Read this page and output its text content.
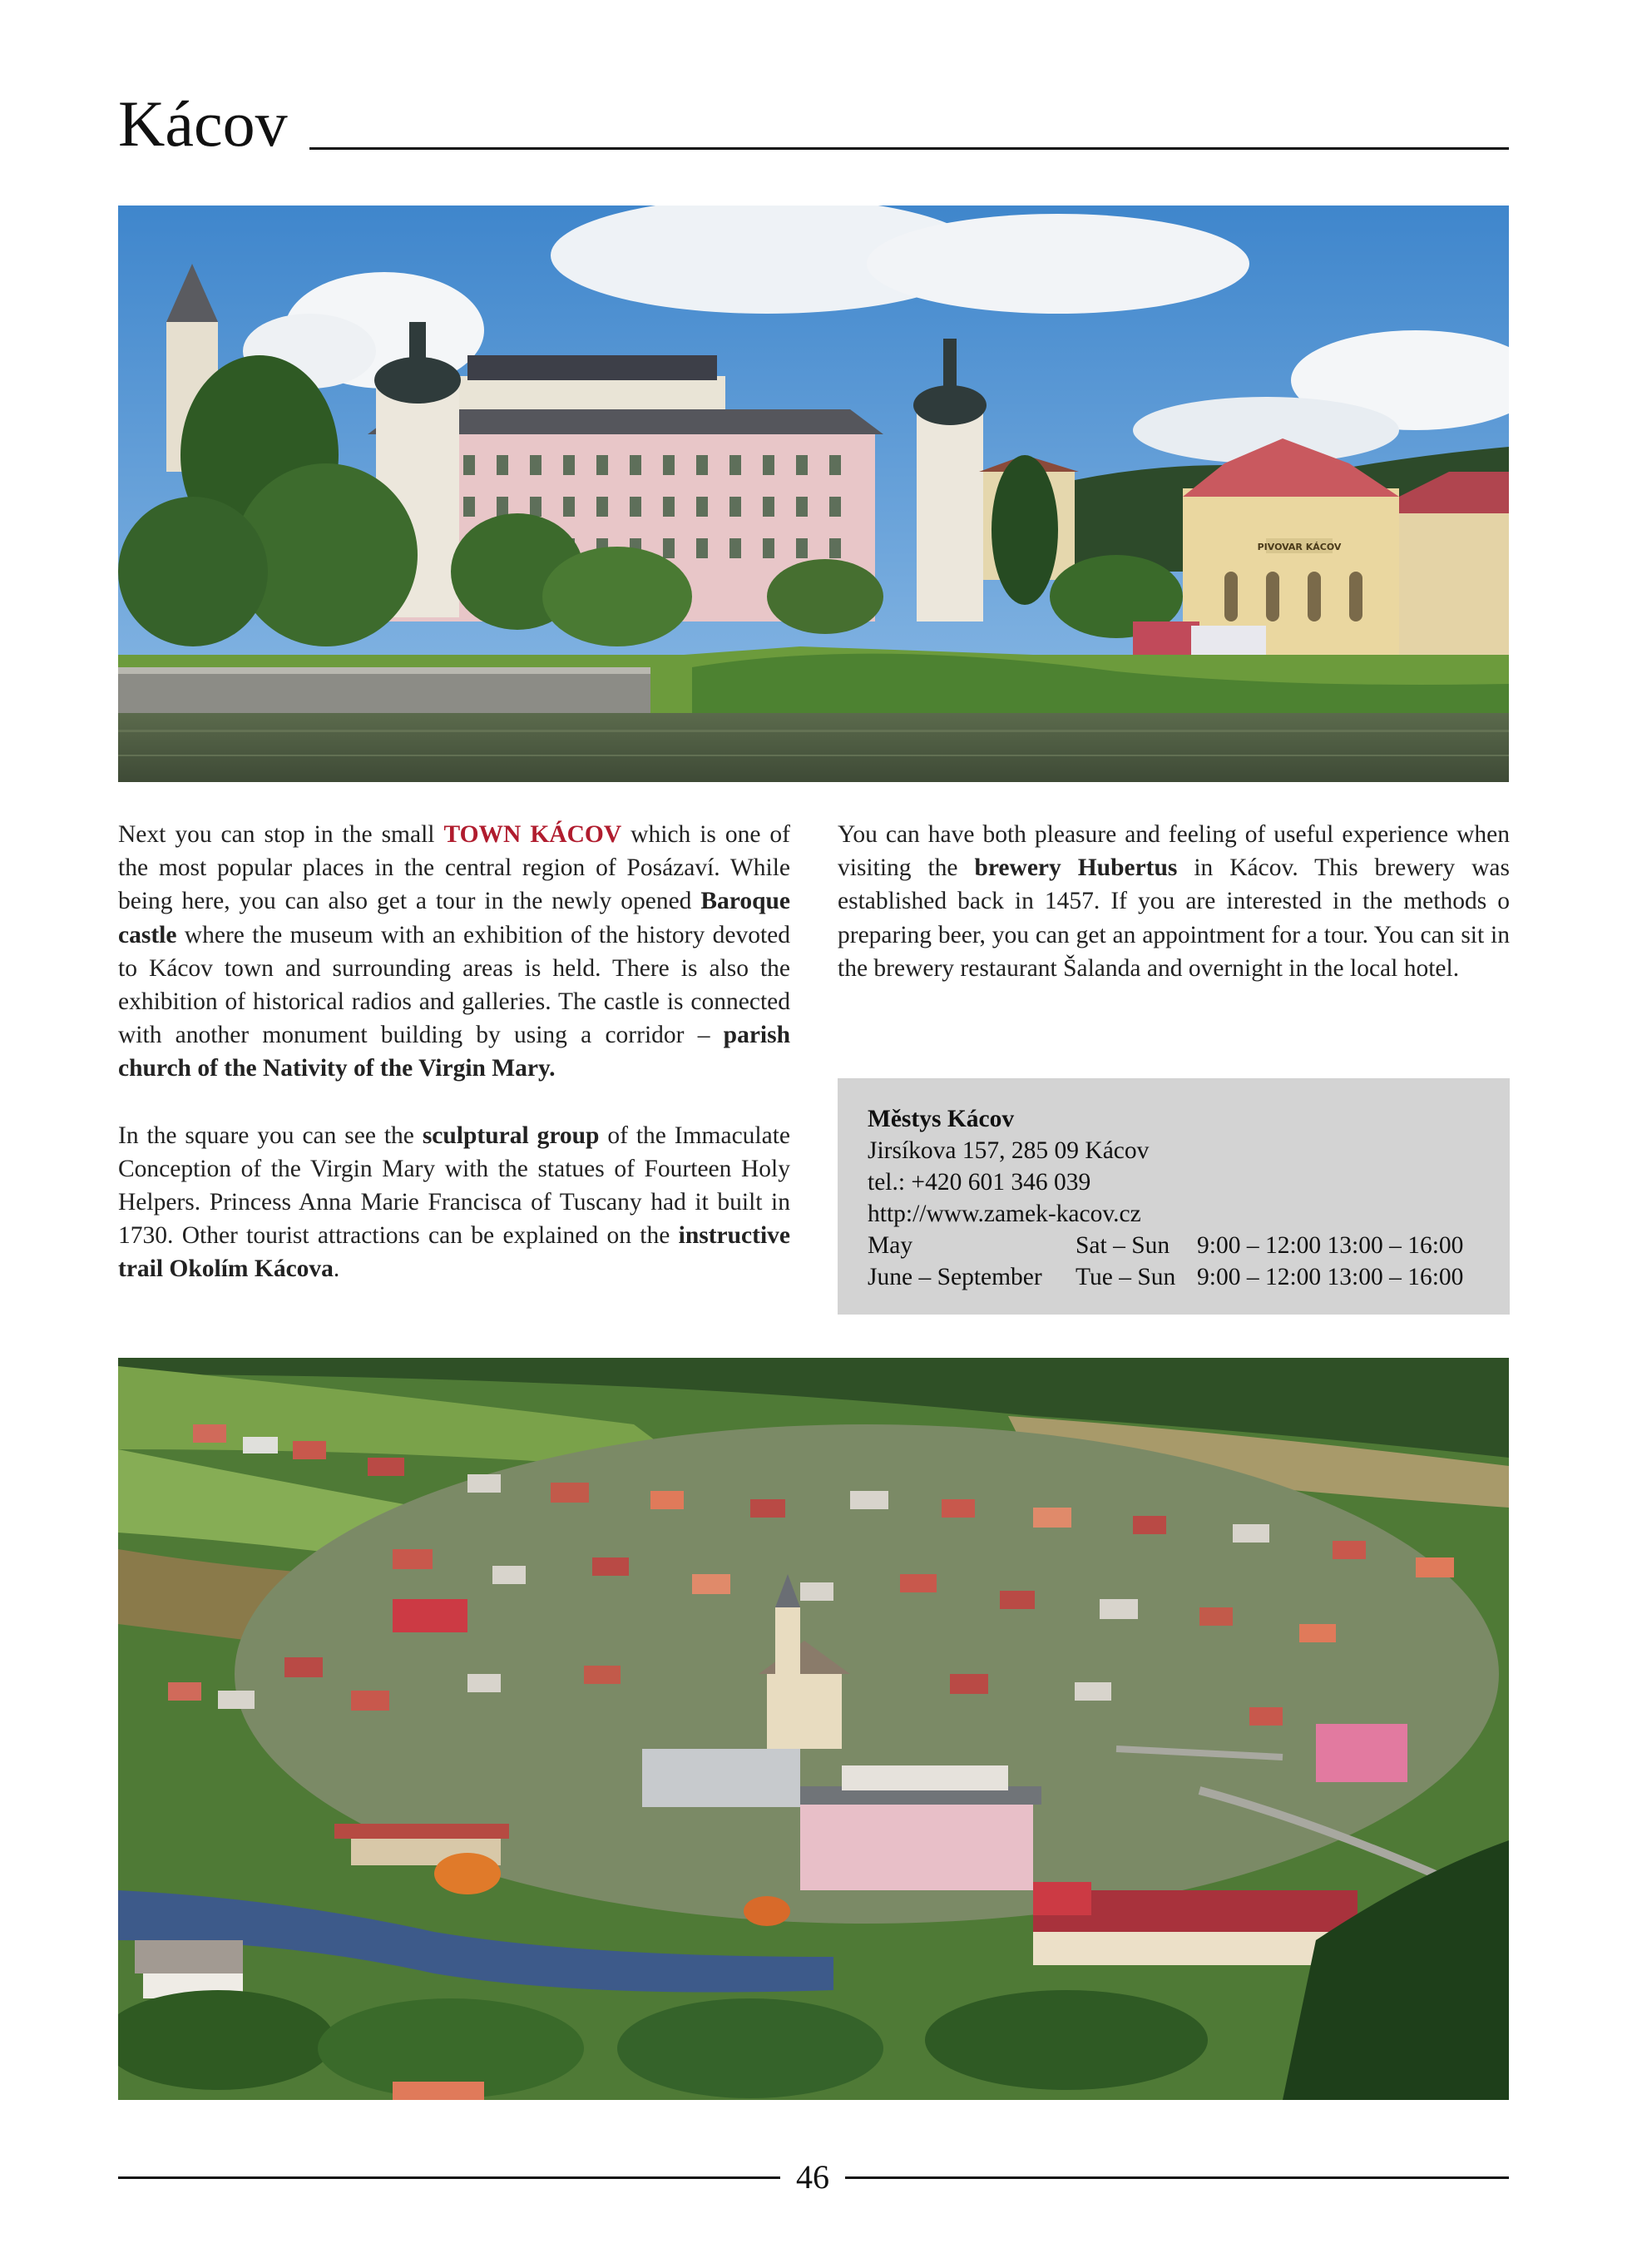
Kácov
PIVOVAR KÁCOV

Next you can stop in the small TOWN KÁCOV which is one of the most popular places in the central region of Posázaví. While being here, you can also get a tour in the newly opened Baroque castle where the museum with an exhibition of the history devoted to Kácov town and surrounding areas is held. There is also the exhibition of historical radios and galleries. The castle is connected with another monument building by using a corridor – parish church of the Nativity of the Virgin Mary.

In the square you can see the sculptural group of the Immaculate Conception of the Virgin Mary with the statues of Fourteen Holy Helpers. Princess Anna Marie Francisca of Tuscany had it built in 1730. Other tourist attractions can be explained on the instructive trail Okolím Kácova.

You can have both pleasure and feeling of useful experience when visiting the brewery Hubertus in Kácov. This brewery was established back in 1457. If you are interested in the methods o preparing beer, you can get an appointment for a tour. You can sit in the brewery restaurant Šalanda and overnight in the local hotel.

Městys Kácov
Jirsíkova 157, 285 09 Kácov
tel.: +420 601 346 039
http://www.zamek-kacov.cz
May	Sat – Sun	9:00 – 12:00 13:00 – 16:00
June – September	Tue – Sun 9:00 – 12:00 13:00 – 16:00
46
